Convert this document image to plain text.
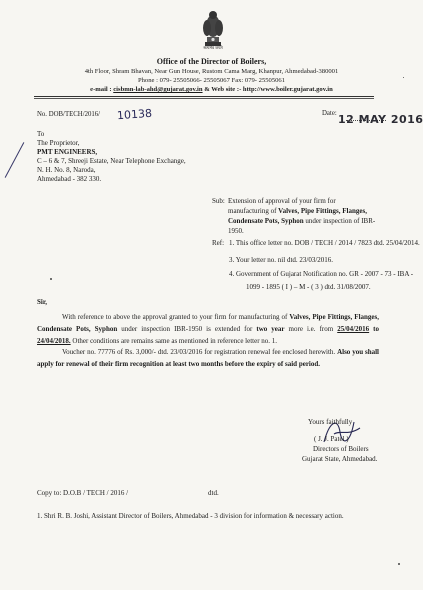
सत्यमेव जयते
Office of the Director of Boilers,
4th Floor, Shram Bhavan, Near Gun House, Rustom Cama Marg, Khanpur, Ahmedabad-380001
Phone : 079- 25505066- 25505067 Fax: 079- 25505061
e-mail : cisbmn-lab-ahd@gujarat.gov.in & Web site :- http://www.boiler.gujarat.gov.in
No. DOB/TECH/2016/ 10138	Date: 12 MAY 2016
To
The Proprietor,
PMT ENGINEERS,
C – 6 & 7, Shreeji Estate, Near Telephone Exchange,
N. H. No. 8, Naroda,
Ahmedabad - 382 330.
Sub: Extension of approval of your firm for manufacturing of Valves, Pipe Fittings, Flanges, Condensate Pots, Syphon under inspection of IBR-1950.
Ref: 1. This office letter no. DOB / TECH / 2014 / 7823 dtd. 25/04/2014.
3. Your letter no. nil dtd. 23/03/2016.
4. Government of Gujarat Notification no. GR - 2007 - 73 - IBA -
1099 - 1895 ( I ) – M - ( 3 ) dtd. 31/08/2007.
Sir,
With reference to above the approval granted to your firm for manufacturing of Valves, Pipe Fittings, Flanges, Condensate Pots, Syphon under inspection IBR-1950 is extended for two year more i.e. from 25/04/2016 to 24/04/2018. Other conditions are remains same as mentioned in reference letter no. 1.
Voucher no. 77776 of Rs. 3,000/- dtd. 23/03/2016 for registration renewal fee enclosed herewith. Also you shall apply for renewal of their firm recognition at least two months before the expiry of said period.
Yours faithfully
( J. J. Patel )
Directors of Boilers
Gujarat State, Ahmedabad.
Copy to: D.O.B / TECH / 2016 /	dtd.
1. Shri R. B. Joshi, Assistant Director of Boilers, Ahmedabad - 3 division for information & necessary action.
